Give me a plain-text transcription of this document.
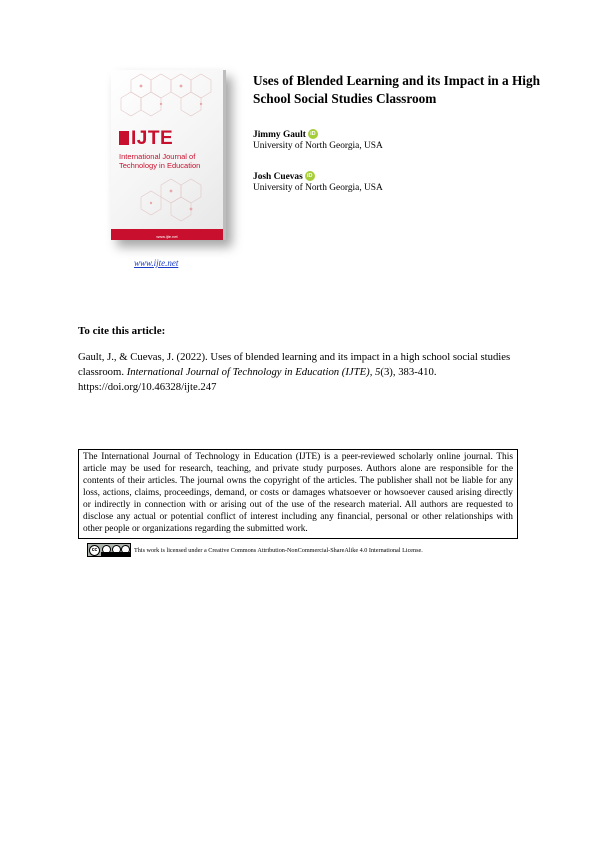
IJTE
International Journal of Technology in Education
www.ijte.net
www.ijte.net
Uses of Blended Learning and its Impact in a High School Social Studies Classroom
Jimmy Gault iD
University of North Georgia, USA
Josh Cuevas iD
University of North Georgia, USA
To cite this article:
Gault, J., & Cuevas, J. (2022). Uses of blended learning and its impact in a high school social studies classroom. International Journal of Technology in Education (IJTE), 5(3), 383-410. https://doi.org/10.46328/ijte.247
The International Journal of Technology in Education (IJTE) is a peer-reviewed scholarly online journal. This article may be used for research, teaching, and private study purposes. Authors alone are responsible for the contents of their articles. The journal owns the copyright of the articles. The publisher shall not be liable for any loss, actions, claims, proceedings, demand, or costs or damages whatsoever or howsoever caused arising directly or indirectly in connection with or arising out of the use of the research material. All authors are requested to disclose any actual or potential conflict of interest including any financial, personal or other relationships with other people or organizations regarding the submitted work.
cc	This work is licensed under a Creative Commons Attribution-NonCommercial-ShareAlike 4.0 International License.
